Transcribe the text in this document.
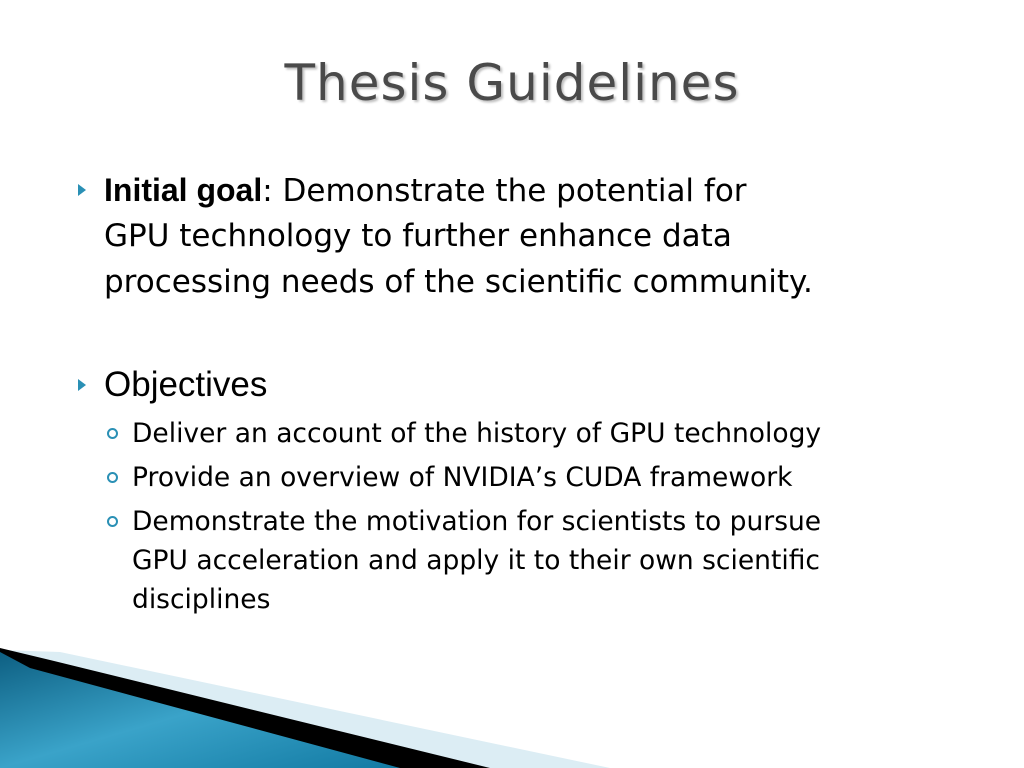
Thesis Guidelines
Initial goal: Demonstrate the potential for
GPU technology to further enhance data
processing needs of the scientific community.
Objectives
Deliver an account of the history of GPU technology
Provide an overview of NVIDIA’s CUDA framework
Demonstrate the motivation for scientists to pursue
GPU acceleration and apply it to their own scientific
disciplines
